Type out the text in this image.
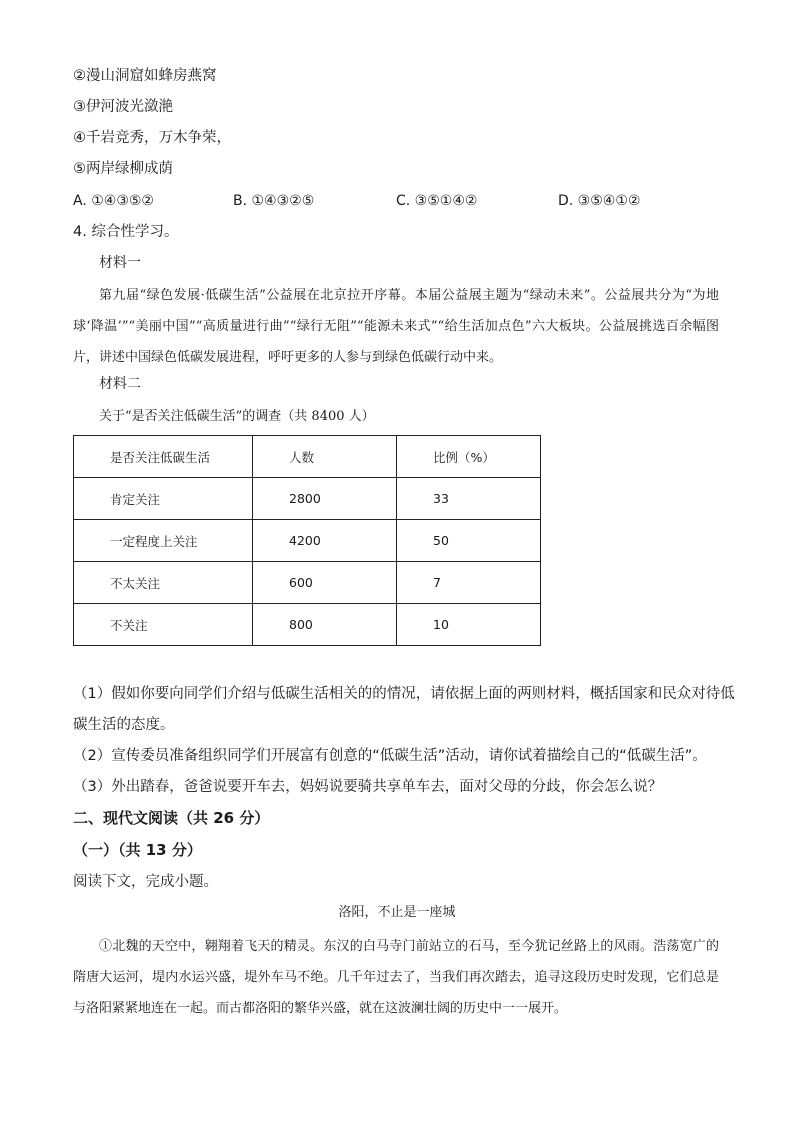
②漫山洞窟如蜂房燕窝
③伊河波光潋滟
④千岩竞秀，万木争荣，
⑤两岸绿柳成荫
A. ①④③⑤②	B. ①④③②⑤	C. ③⑤①④②	D. ③⑤④①②
4. 综合性学习。
材料一
第九届“绿色发展·低碳生活”公益展在北京拉开序幕。本届公益展主题为“绿动未来”。公益展共分为“为地球‘降温’”“美丽中国”“高质量进行曲”“绿行无阻”“能源未来式”“给生活加点色”六大板块。公益展挑选百余幅图片，讲述中国绿色低碳发展进程，呼吁更多的人参与到绿色低碳行动中来。
材料二
关于“是否关注低碳生活”的调查（共 8400 人）
是否关注低碳生活	人数	比例（%）
肯定关注	2800	33
一定程度上关注	4200	50
不太关注	600	7
不关注	800	10
（1）假如你要向同学们介绍与低碳生活相关的的情况，请依据上面的两则材料，概括国家和民众对待低
碳生活的态度。
（2）宣传委员准备组织同学们开展富有创意的“低碳生活”活动，请你试着描绘自己的“低碳生活”。
（3）外出踏春，爸爸说要开车去，妈妈说要骑共享单车去，面对父母的分歧，你会怎么说？
二、现代文阅读（共 26 分）
（一）（共 13 分）
阅读下文，完成小题。
洛阳，不止是一座城
①北魏的天空中，翱翔着飞天的精灵。东汉的白马寺门前站立的石马，至今犹记丝路上的风雨。浩荡宽广的隋唐大运河，堤内水运兴盛，堤外车马不绝。几千年过去了，当我们再次踏去，追寻这段历史时发现，它们总是与洛阳紧紧地连在一起。而古都洛阳的繁华兴盛，就在这波澜壮阔的历史中一一展开。
